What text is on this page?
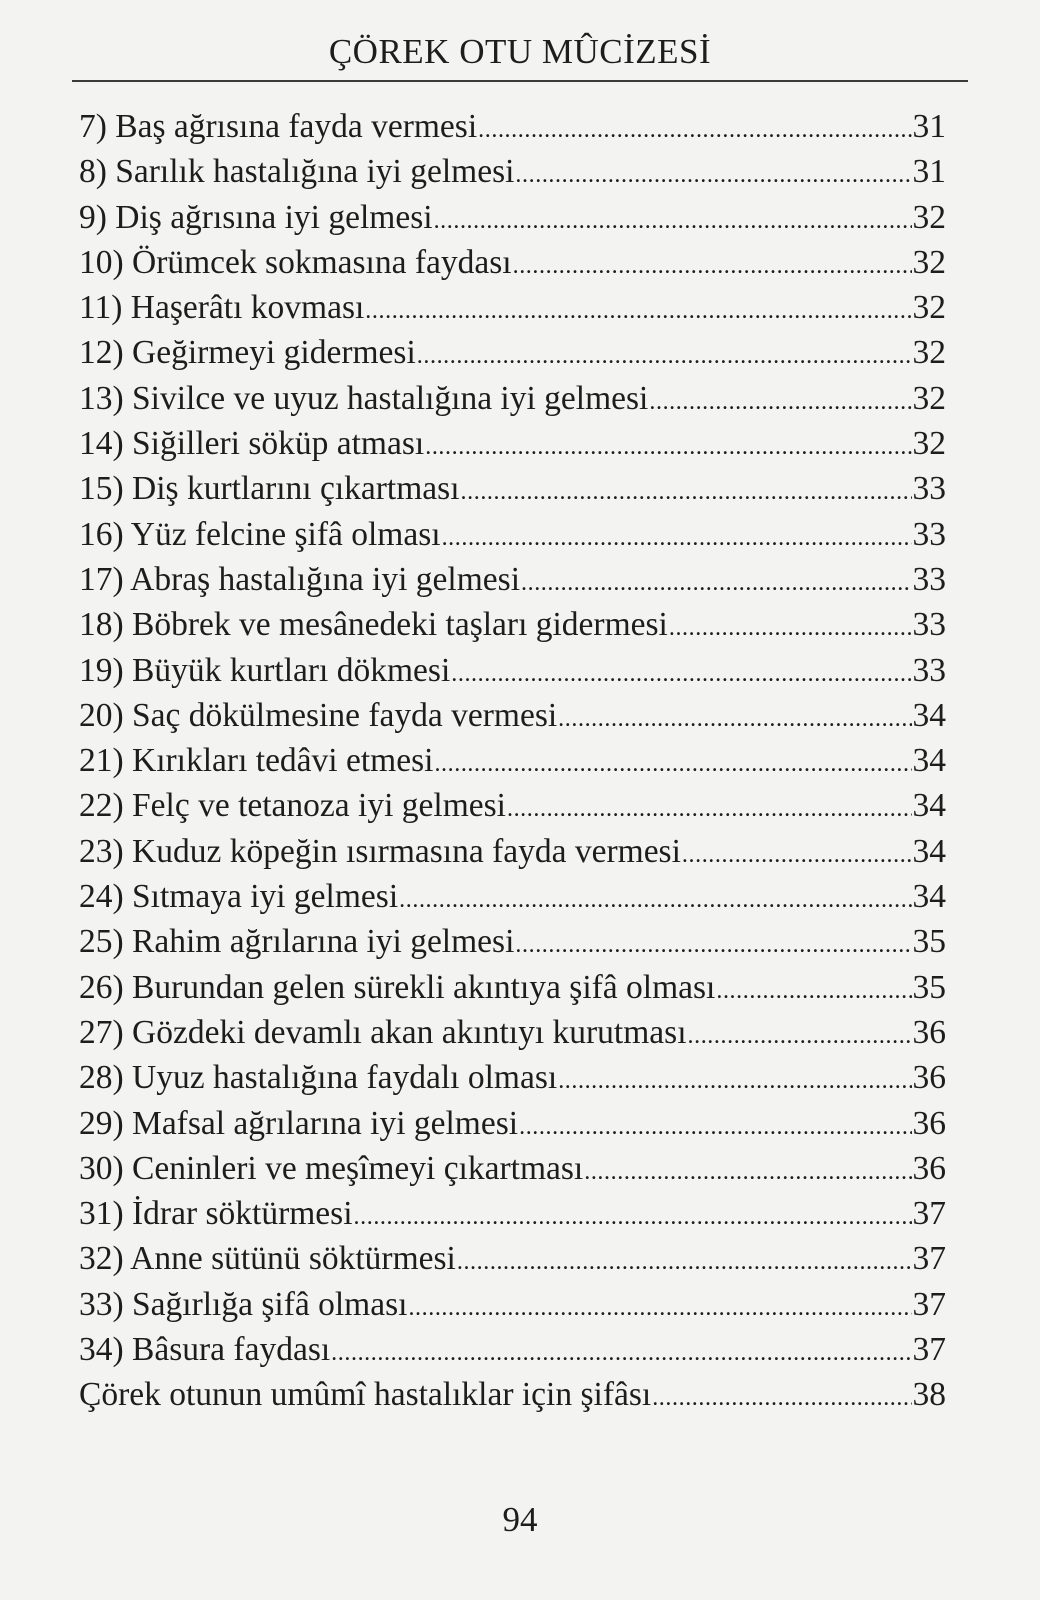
ÇÖREK OTU MÛCİZESİ
7) Baş ağrısına fayda vermesi .....	31
8) Sarılık hastalığına iyi gelmesi .....	31
9) Diş ağrısına iyi gelmesi .....	32
10) Örümcek sokmasına faydası .....	32
11) Haşerâtı kovması .....	32
12) Geğirmeyi gidermesi .....	32
13) Sivilce ve uyuz hastalığına iyi gelmesi .....	32
14) Siğilleri söküp atması .....	32
15) Diş kurtlarını çıkartması .....	33
16) Yüz felcine şifâ olması .....	33
17) Abraş hastalığına iyi gelmesi .....	33
18) Böbrek ve mesânedeki taşları gidermesi .....	33
19) Büyük kurtları dökmesi .....	33
20) Saç dökülmesine fayda vermesi .....	34
21) Kırıkları tedâvi etmesi .....	34
22) Felç ve tetanoza iyi gelmesi .....	34
23) Kuduz köpeğin ısırmasına fayda vermesi .....	34
24) Sıtmaya iyi gelmesi .....	34
25) Rahim ağrılarına iyi gelmesi .....	35
26) Burundan gelen sürekli akıntıya şifâ olması .....	35
27) Gözdeki devamlı akan akıntıyı kurutması .....	36
28) Uyuz hastalığına faydalı olması .....	36
29) Mafsal ağrılarına iyi gelmesi .....	36
30) Ceninleri ve meşîmeyi çıkartması .....	36
31) İdrar söktürmesi .....	37
32) Anne sütünü söktürmesi .....	37
33) Sağırlığa şifâ olması .....	37
34) Bâsura faydası .....	37
Çörek otunun umûmî hastalıklar için şifâsı .....	38
94
